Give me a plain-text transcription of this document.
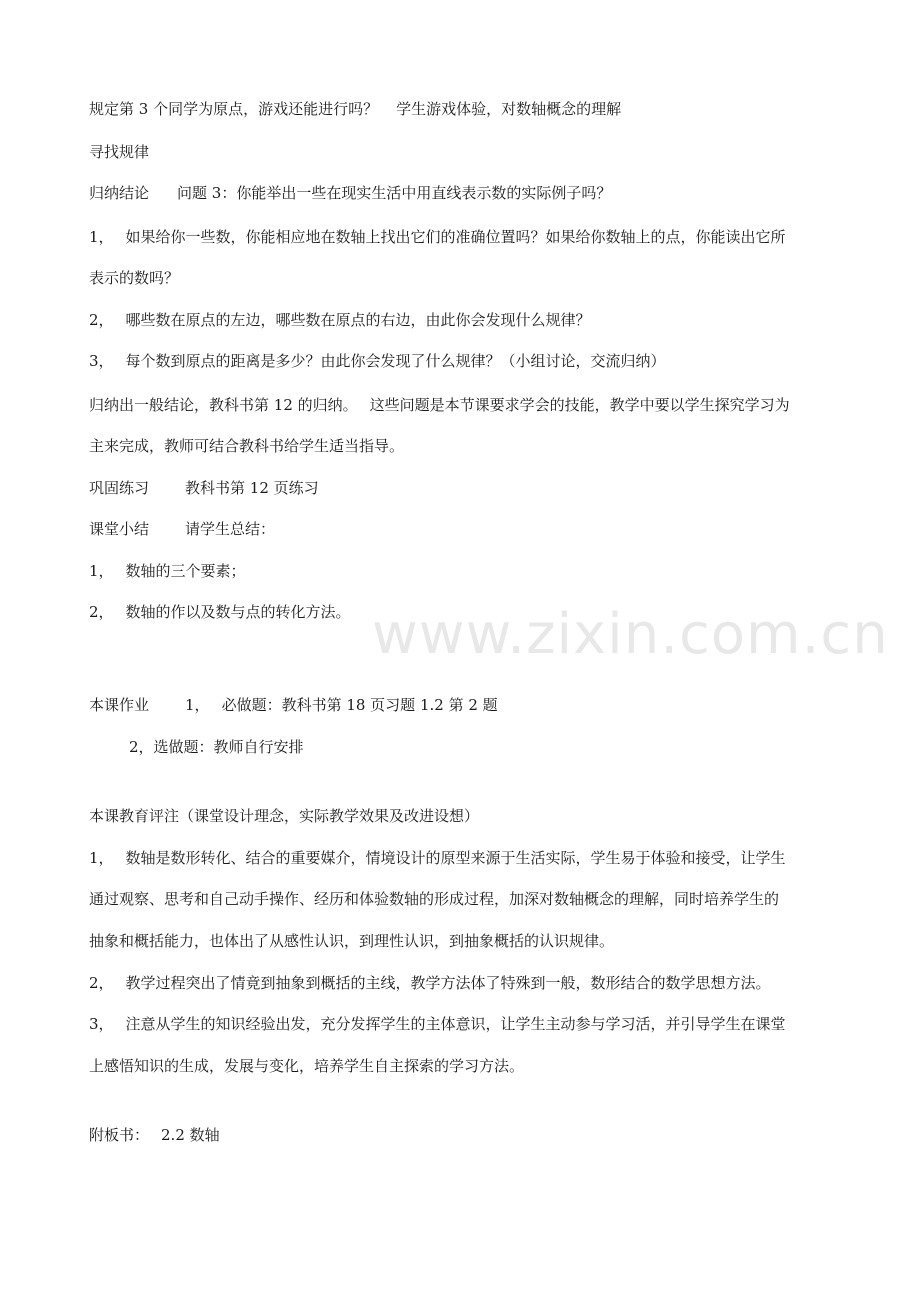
www.zixin.com.cn
规定第 3 个同学为原点，游戏还能进行吗？ 学生游戏体验，对数轴概念的理解
寻找规律
归纳结论 问题 3：你能举出一些在现实生活中用直线表示数的实际例子吗？
1， 如果给你一些数，你能相应地在数轴上找出它们的准确位置吗？如果给你数轴上的点，你能读出它所
表示的数吗？
2， 哪些数在原点的左边，哪些数在原点的右边，由此你会发现什么规律？
3， 每个数到原点的距离是多少？由此你会发现了什么规律？（小组讨论，交流归纳）
归纳出一般结论，教科书第 12 的归纳。 这些问题是本节课要求学会的技能，教学中要以学生探究学习为
主来完成，教师可结合教科书给学生适当指导。
巩固练习 教科书第 12 页练习
课堂小结 请学生总结：
1， 数轴的三个要素；
2， 数轴的作以及数与点的转化方法。
本课作业 1， 必做题：教科书第 18 页习题 1.2 第 2 题
2，选做题：教师自行安排
本课教育评注（课堂设计理念，实际教学效果及改进设想）
1， 数轴是数形转化、结合的重要媒介，情境设计的原型来源于生活实际，学生易于体验和接受，让学生
通过观察、思考和自己动手操作、经历和体验数轴的形成过程，加深对数轴概念的理解，同时培养学生的
抽象和概括能力，也体出了从感性认识，到理性认识，到抽象概括的认识规律。
2， 教学过程突出了情竟到抽象到概括的主线，教学方法体了特殊到一般，数形结合的数学思想方法。
3， 注意从学生的知识经验出发，充分发挥学生的主体意识，让学生主动参与学习活，并引导学生在课堂
上感悟知识的生成，发展与变化，培养学生自主探索的学习方法。
附板书： 2.2 数轴
